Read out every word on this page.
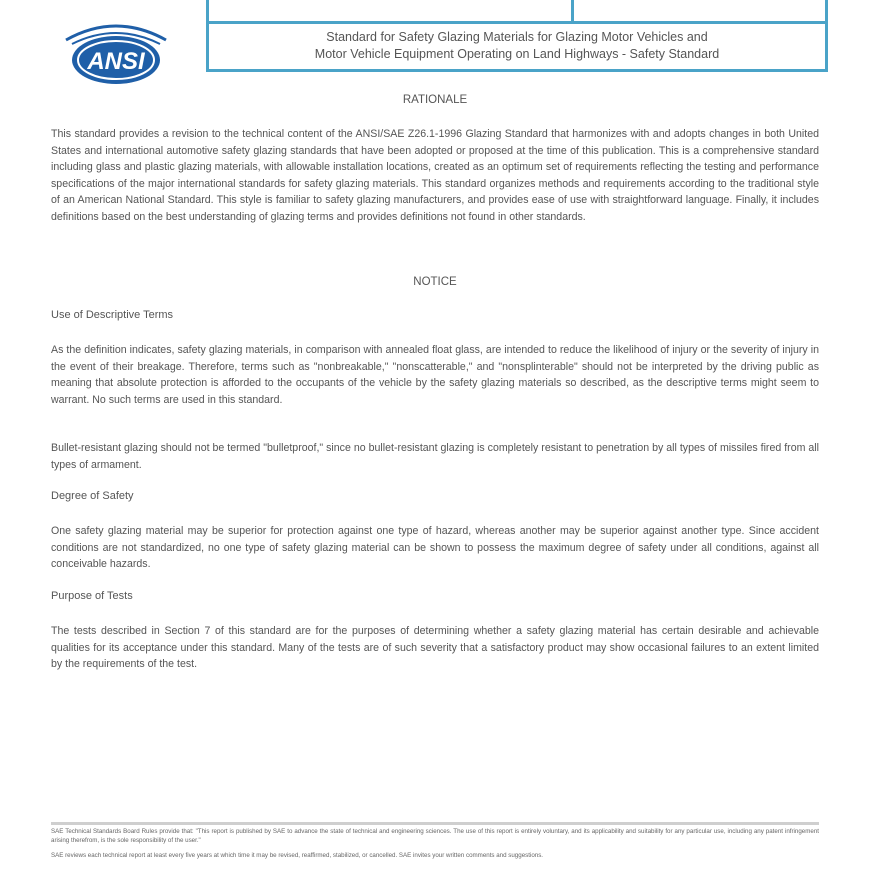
ANSI
Standard for Safety Glazing Materials for Glazing Motor Vehicles and
Motor Vehicle Equipment Operating on Land Highways - Safety Standard
RATIONALE
This standard provides a revision to the technical content of the ANSI/SAE Z26.1-1996 Glazing Standard that harmonizes with and adopts changes in both United States and international automotive safety glazing standards that have been adopted or proposed at the time of this publication. This is a comprehensive standard including glass and plastic glazing materials, with allowable installation locations, created as an optimum set of requirements reflecting the testing and performance specifications of the major international standards for safety glazing materials. This standard organizes methods and requirements according to the traditional style of an American National Standard. This style is familiar to safety glazing manufacturers, and provides ease of use with straightforward language. Finally, it includes definitions based on the best understanding of glazing terms and provides definitions not found in other standards.
NOTICE
Use of Descriptive Terms
As the definition indicates, safety glazing materials, in comparison with annealed float glass, are intended to reduce the likelihood of injury or the severity of injury in the event of their breakage. Therefore, terms such as "nonbreakable," "nonscatterable," and "nonsplinterable" should not be interpreted by the driving public as meaning that absolute protection is afforded to the occupants of the vehicle by the safety glazing materials so described, as the descriptive terms might seem to warrant. No such terms are used in this standard.
Bullet-resistant glazing should not be termed "bulletproof," since no bullet-resistant glazing is completely resistant to penetration by all types of missiles fired from all types of armament.
Degree of Safety
One safety glazing material may be superior for protection against one type of hazard, whereas another may be superior against another type. Since accident conditions are not standardized, no one type of safety glazing material can be shown to possess the maximum degree of safety under all conditions, against all conceivable hazards.
Purpose of Tests
The tests described in Section 7 of this standard are for the purposes of determining whether a safety glazing material has certain desirable and achievable qualities for its acceptance under this standard. Many of the tests are of such severity that a satisfactory product may show occasional failures to an extent limited by the requirements of the test.
SAE Technical Standards Board Rules provide that: "This report is published by SAE to advance the state of technical and engineering sciences. The use of this report is entirely voluntary, and its applicability and suitability for any particular use, including any patent infringement arising therefrom, is the sole responsibility of the user."
SAE reviews each technical report at least every five years at which time it may be revised, reaffirmed, stabilized, or cancelled. SAE invites your written comments and suggestions.
